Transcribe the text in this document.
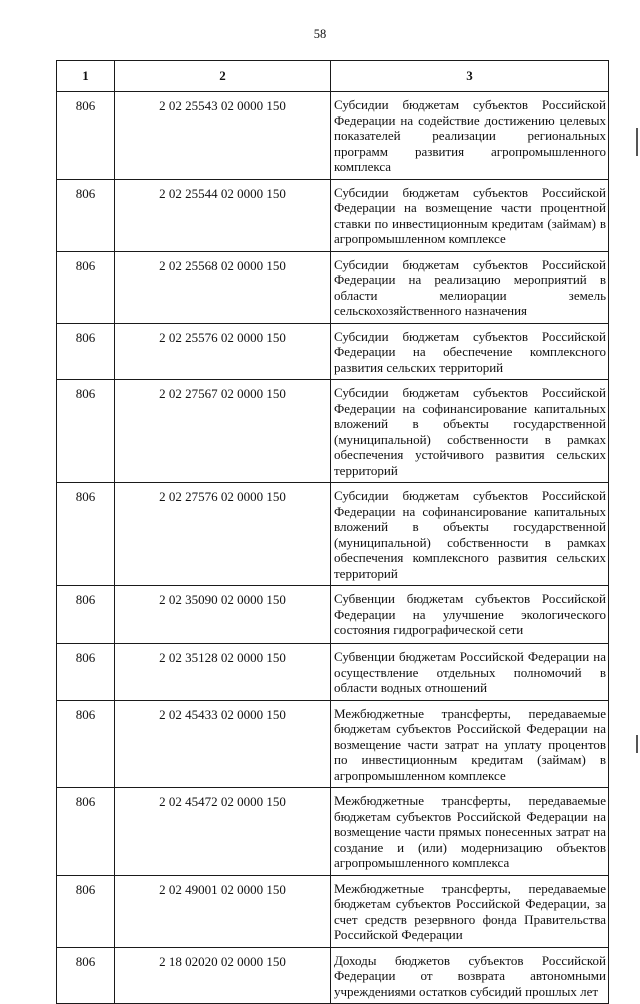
58
1	2	3
806	2 02 25543 02 0000 150	Субсидии бюджетам субъектов Российской Федерации на содействие достижению целевых показателей реализации региональных программ развития агропромышленного комплекса
806	2 02 25544 02 0000 150	Субсидии бюджетам субъектов Российской Федерации на возмещение части процентной ставки по инвестиционным кредитам (займам) в агропромышленном комплексе
806	2 02 25568 02 0000 150	Субсидии бюджетам субъектов Российской Федерации на реализацию мероприятий в области мелиорации земель сельскохозяйственного назначения
806	2 02 25576 02 0000 150	Субсидии бюджетам субъектов Российской Федерации на обеспечение комплексного развития сельских территорий
806	2 02 27567 02 0000 150	Субсидии бюджетам субъектов Российской Федерации на софинансирование капитальных вложений в объекты государственной (муниципальной) собственности в рамках обеспечения устойчивого развития сельских территорий
806	2 02 27576 02 0000 150	Субсидии бюджетам субъектов Российской Федерации на софинансирование капитальных вложений в объекты государственной (муниципальной) собственности в рамках обеспечения комплексного развития сельских территорий
806	2 02 35090 02 0000 150	Субвенции бюджетам субъектов Российской Федерации на улучшение экологического состояния гидрографической сети
806	2 02 35128 02 0000 150	Субвенции бюджетам Российской Федерации на осуществление отдельных полномочий в области водных отношений
806	2 02 45433 02 0000 150	Межбюджетные трансферты, передаваемые бюджетам субъектов Российской Федерации на возмещение части затрат на уплату процентов по инвестиционным кредитам (займам) в агропромышленном комплексе
806	2 02 45472 02 0000 150	Межбюджетные трансферты, передаваемые бюджетам субъектов Российской Федерации на возмещение части прямых понесенных затрат на создание и (или) модернизацию объектов агропромышленного комплекса
806	2 02 49001 02 0000 150	Межбюджетные трансферты, передаваемые бюджетам субъектов Российской Федерации, за счет средств резервного фонда Правительства Российской Федерации
806	2 18 02020 02 0000 150	Доходы бюджетов субъектов Российской Федерации от возврата автономными учреждениями остатков субсидий прошлых лет
